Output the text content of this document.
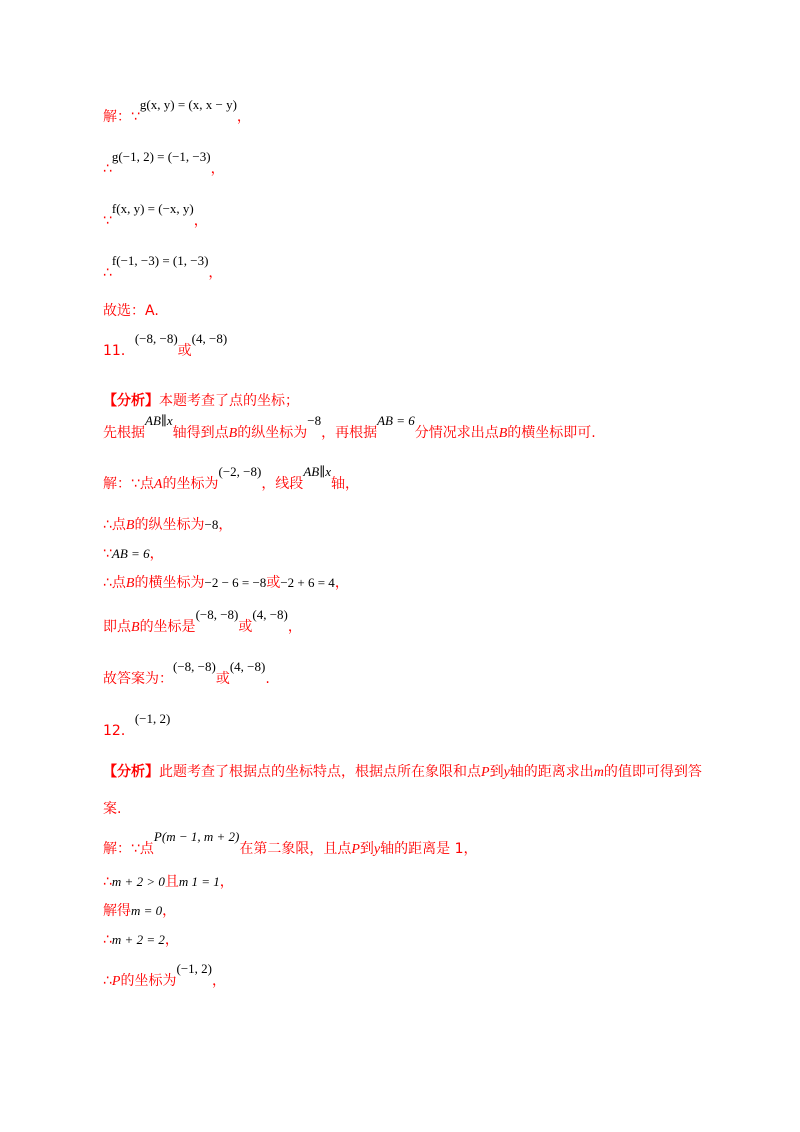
解：∵g(x, y) = (x, x − y)，
∴g(−1, 2) = (−1, −3)，
∵f(x, y) = (−x, y)，
∴f(−1, −3) = (1, −3)，
故选：A.
11．(−8, −8)或(4, −8)
【分析】本题考查了点的坐标；
先根据AB∥x轴得到点B的纵坐标为−8，再根据AB = 6分情况求出点B的横坐标即可.
解：∵点A的坐标为(−2, −8)，线段AB∥x轴，
∴点B的纵坐标为−8，
∵AB = 6，
∴点B的横坐标为−2 − 6 = −8或−2 + 6 = 4，
即点B的坐标是(−8, −8)或(4, −8)，
故答案为：(−8, −8)或(4, −8).
12．(−1, 2)
【分析】此题考查了根据点的坐标特点，根据点所在象限和点P到y轴的距离求出m的值即可得到答
案.
解：∵点P(m − 1, m + 2)在第二象限，且点P到y轴的距离是 1，
∴m + 2 > 0且m 1 = 1，
解得m = 0，
∴m + 2 = 2，
∴P的坐标为(−1, 2)，
